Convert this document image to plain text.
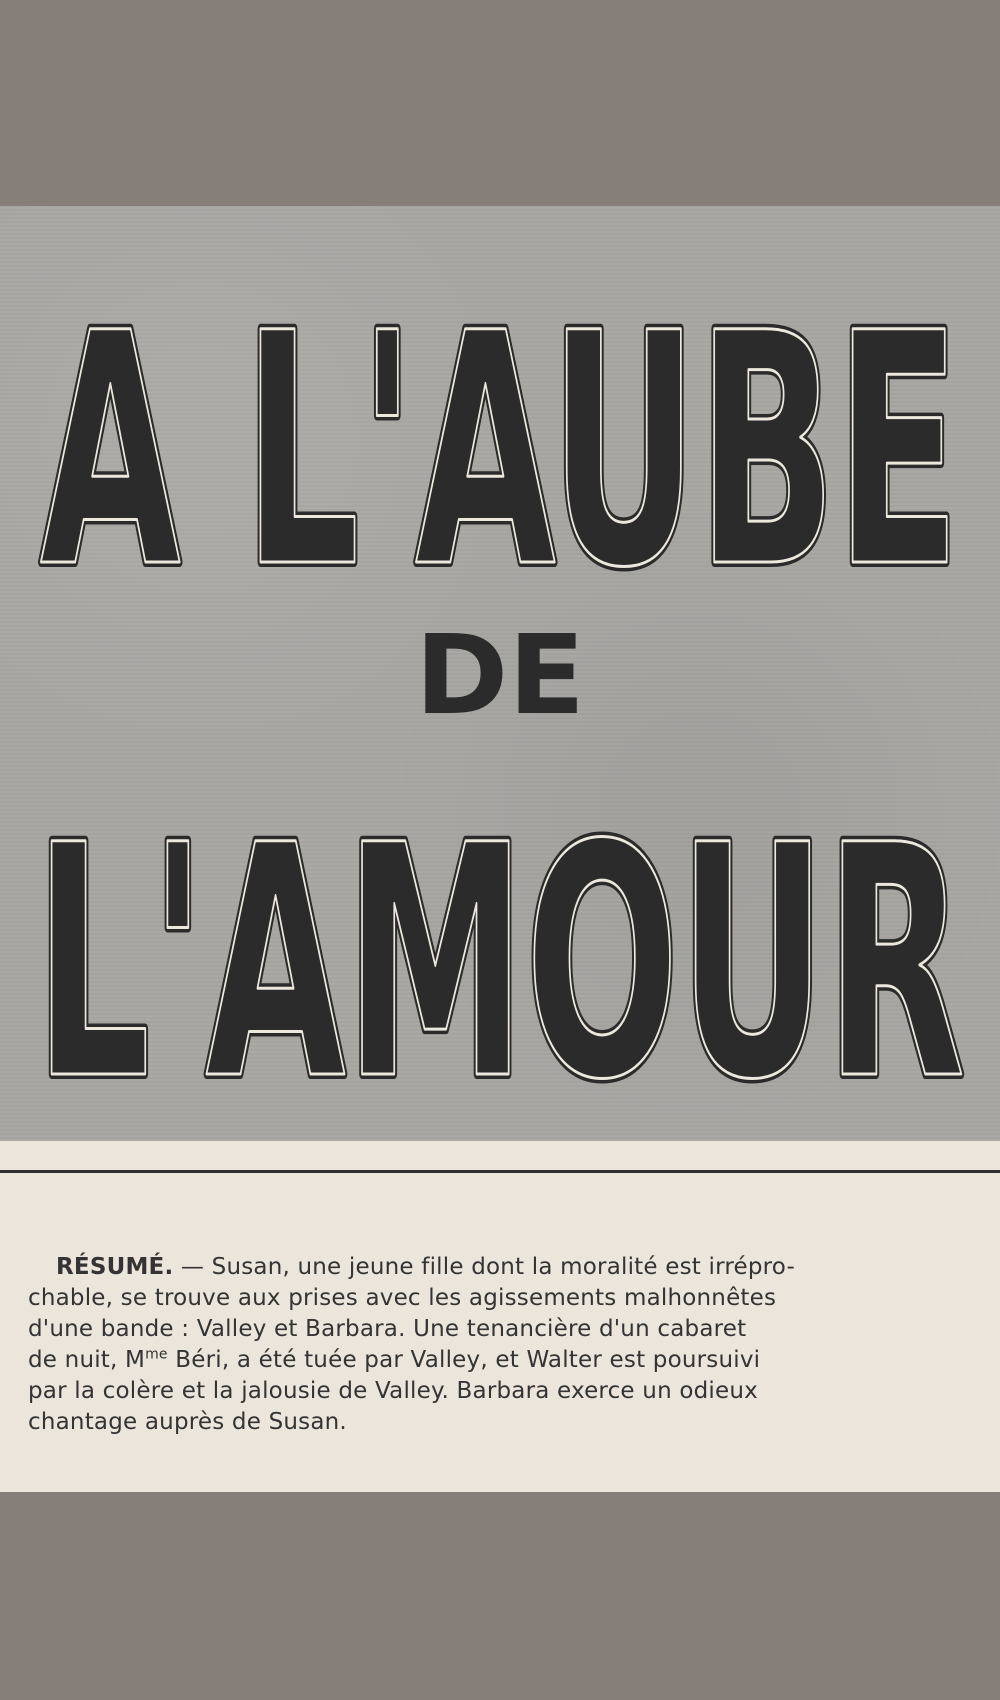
A L'AUBE
A L'AUBE
DE
L'AMOUR
L'AMOUR
RÉSUMÉ. — Susan, une jeune fille dont la moralité est irrépro-
chable, se trouve aux prises avec les agissements malhonnêtes
d'une bande : Valley et Barbara. Une tenancière d'un cabaret
de nuit, $M^{me}$ Béri, a été tuée par Valley, et Walter est poursuivi
par la colère et la jalousie de Valley. Barbara exerce un odieux
chantage auprès de Susan.
